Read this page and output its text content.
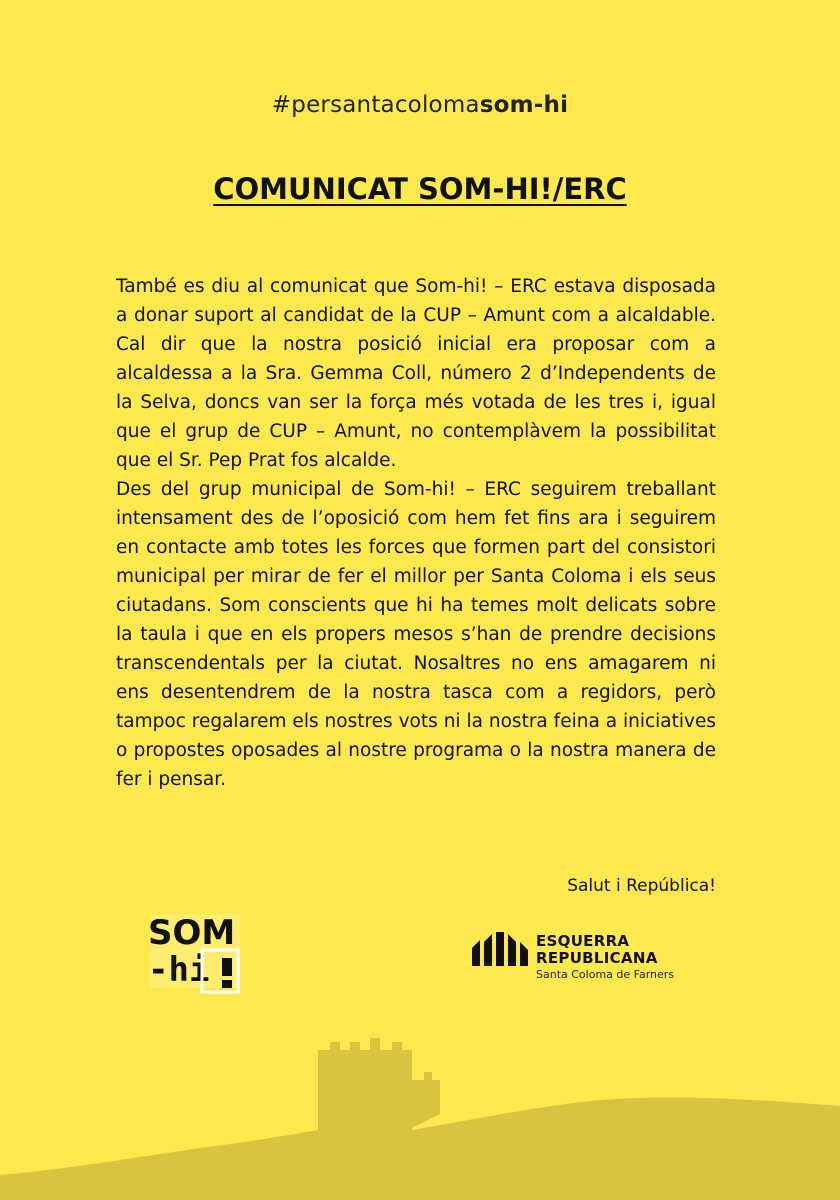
#persantacolomasom-hi
COMUNICAT SOM-HI!/ERC

També es diu al comunicat que Som-hi! – ERC estava disposada a donar suport al candidat de la CUP – Amunt com a alcaldable. Cal dir que la nostra posició inicial era proposar com a alcaldessa a la Sra. Gemma Coll, número 2 d’Independents de la Selva, doncs van ser la força més votada de les tres i, igual que el grup de CUP – Amunt, no contemplàvem la possibilitat que el Sr. Pep Prat fos alcalde.

Des del grup municipal de Som-hi! – ERC seguirem treballant intensament des de l’oposició com hem fet fins ara i seguirem en contacte amb totes les forces que formen part del consistori municipal per mirar de fer el millor per Santa Coloma i els seus ciutadans. Som conscients que hi ha temes molt delicats sobre la taula i que en els propers mesos s’han de prendre decisions transcendentals per la ciutat. Nosaltres no ens amagarem ni ens desentendrem de la nostra tasca com a regidors, però tampoc regalarem els nostres vots ni la nostra feina a iniciatives o propostes oposades al nostre programa o la nostra manera de fer i pensar.

Salut i República!
SOM
-hi
ESQUERRA
REPUBLICANA
Santa Coloma de Farners
